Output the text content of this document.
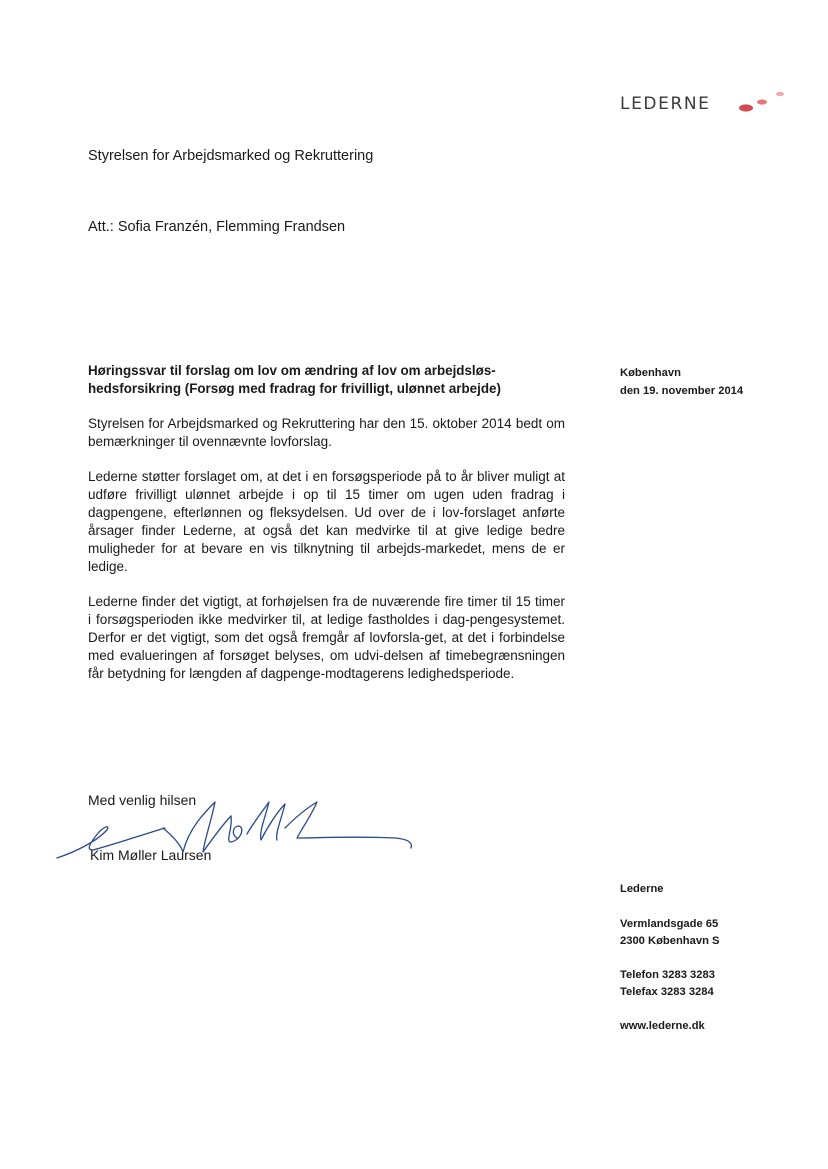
LEDERNE
Styrelsen for Arbejdsmarked og Rekruttering
Att.: Sofia Franzén, Flemming Frandsen
Høringssvar til forslag om lov om ændring af lov om arbejdsløs-hedsforsikring (Forsøg med fradrag for frivilligt, ulønnet arbejde)
København
den 19. november 2014

Styrelsen for Arbejdsmarked og Rekruttering har den 15. oktober 2014 bedt om bemærkninger til ovennævnte lovforslag.

Lederne støtter forslaget om, at det i en forsøgsperiode på to år bliver muligt at udføre frivilligt ulønnet arbejde i op til 15 timer om ugen uden fradrag i dagpengene, efterlønnen og fleksydelsen. Ud over de i lov-forslaget anførte årsager finder Lederne, at også det kan medvirke til at give ledige bedre muligheder for at bevare en vis tilknytning til arbejds-markedet, mens de er ledige.

Lederne finder det vigtigt, at forhøjelsen fra de nuværende fire timer til 15 timer i forsøgsperioden ikke medvirker til, at ledige fastholdes i dag-pengesystemet. Derfor er det vigtigt, som det også fremgår af lovforsla-get, at det i forbindelse med evalueringen af forsøget belyses, om udvi-delsen af timebegrænsningen får betydning for længden af dagpenge-modtagerens ledighedsperiode.

Med venlig hilsen
Kim Møller Laursen
Lederne
Vermlandsgade 65
2300 København S
Telefon 3283 3283
Telefax 3283 3284
www.lederne.dk
